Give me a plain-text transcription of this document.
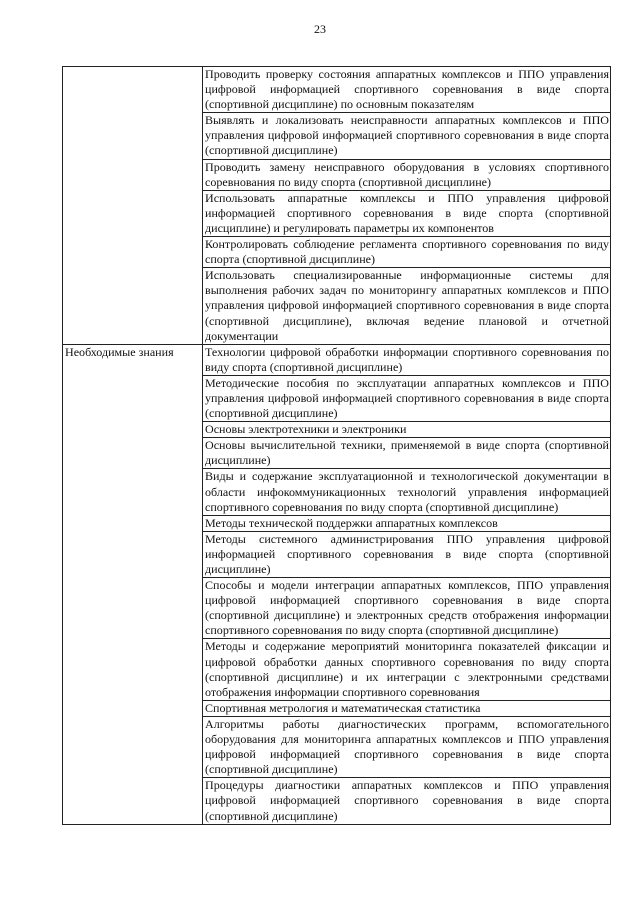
23
	Проводить проверку состояния аппаратных комплексов и ППО управления цифровой информацией спортивного соревнования в виде спорта (спортивной дисциплине) по основным показателям
	Выявлять и локализовать неисправности аппаратных комплексов и ППО управления цифровой информацией спортивного соревнования в виде спорта (спортивной дисциплине)
	Проводить замену неисправного оборудования в условиях спортивного соревнования по виду спорта (спортивной дисциплине)
	Использовать аппаратные комплексы и ППО управления цифровой информацией спортивного соревнования в виде спорта (спортивной дисциплине) и регулировать параметры их компонентов
	Контролировать соблюдение регламента спортивного соревнования по виду спорта (спортивной дисциплине)
	Использовать специализированные информационные системы для выполнения рабочих задач по мониторингу аппаратных комплексов и ППО управления цифровой информацией спортивного соревнования в виде спорта (спортивной дисциплине), включая ведение плановой и отчетной документации
Необходимые знания	Технологии цифровой обработки информации спортивного соревнования по виду спорта (спортивной дисциплине)
	Методические пособия по эксплуатации аппаратных комплексов и ППО управления цифровой информацией спортивного соревнования в виде спорта (спортивной дисциплине)
	Основы электротехники и электроники
	Основы вычислительной техники, применяемой в виде спорта (спортивной дисциплине)
	Виды и содержание эксплуатационной и технологической документации в области инфокоммуникационных технологий управления информацией спортивного соревнования по виду спорта (спортивной дисциплине)
	Методы технической поддержки аппаратных комплексов
	Методы системного администрирования ППО управления цифровой информацией спортивного соревнования в виде спорта (спортивной дисциплине)
	Способы и модели интеграции аппаратных комплексов, ППО управления цифровой информацией спортивного соревнования в виде спорта (спортивной дисциплине) и электронных средств отображения информации спортивного соревнования по виду спорта (спортивной дисциплине)
	Методы и содержание мероприятий мониторинга показателей фиксации и цифровой обработки данных спортивного соревнования по виду спорта (спортивной дисциплине) и их интеграции с электронными средствами отображения информации спортивного соревнования
	Спортивная метрология и математическая статистика
	Алгоритмы работы диагностических программ, вспомогательного оборудования для мониторинга аппаратных комплексов и ППО управления цифровой информацией спортивного соревнования в виде спорта (спортивной дисциплине)
	Процедуры диагностики аппаратных комплексов и ППО управления цифровой информацией спортивного соревнования в виде спорта (спортивной дисциплине)
